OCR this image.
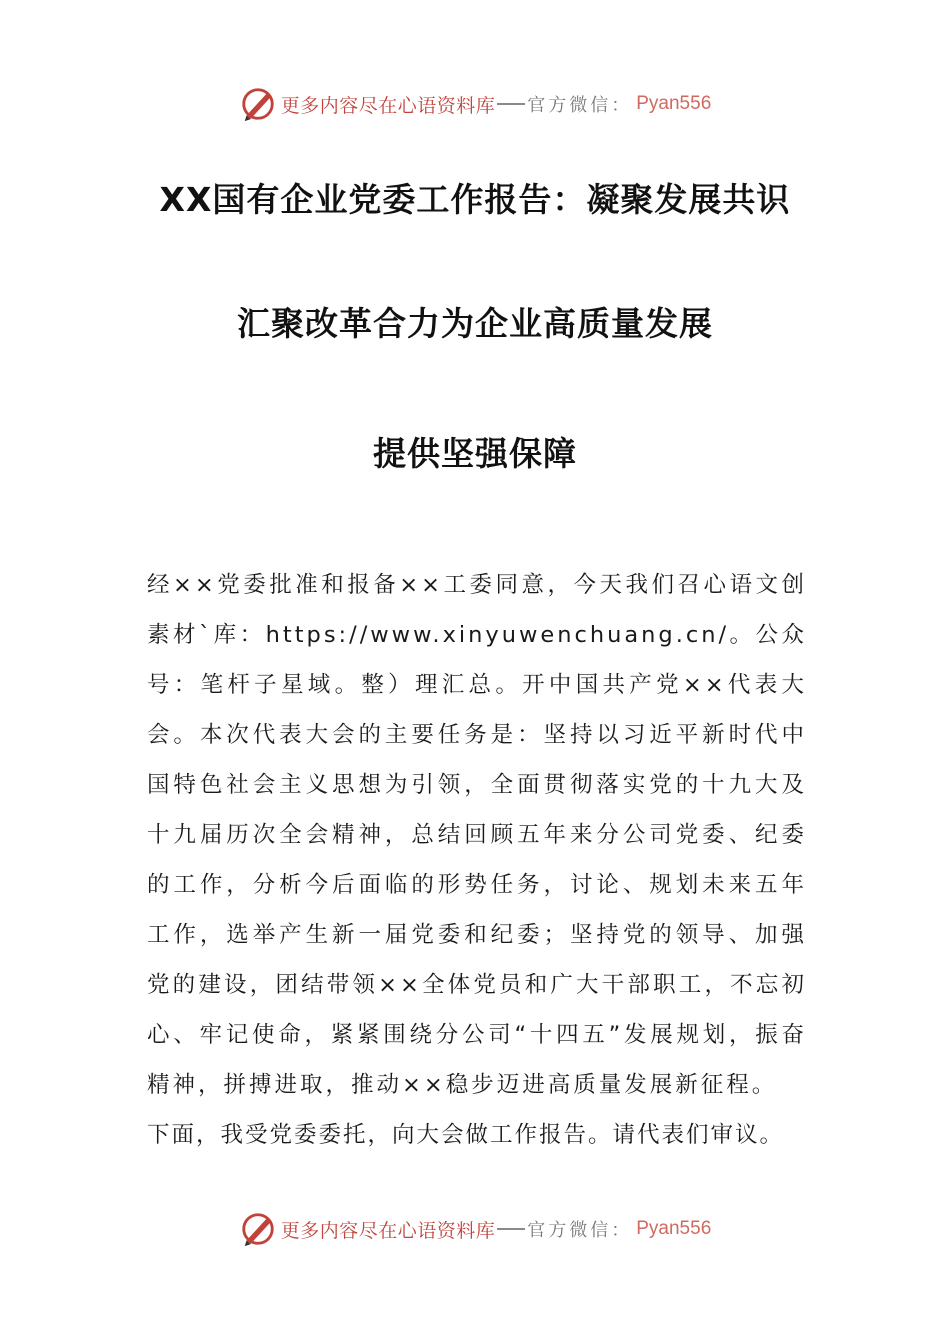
更多内容尽在心语资料库 官方微信： Pyan556
XX国有企业党委工作报告：凝聚发展共识
汇聚改革合力为企业高质量发展
提供坚强保障

经××党委批准和报备××工委同意，今天我们召心语文创素材`库：https://www.xinyuwenchuang.cn/。公众号：笔杆子星域。整）理汇总。开中国共产党××代表大会。本次代表大会的主要任务是：坚持以习近平新时代中国特色社会主义思想为引领，全面贯彻落实党的十九大及十九届历次全会精神，总结回顾五年来分公司党委、纪委的工作，分析今后面临的形势任务，讨论、规划未来五年工作，选举产生新一届党委和纪委；坚持党的领导、加强党的建设，团结带领××全体党员和广大干部职工，不忘初心、牢记使命，紧紧围绕分公司“十四五”发展规划，振奋精神，拼搏进取，推动××稳步迈进高质量发展新征程。

下面，我受党委委托，向大会做工作报告。请代表们审议。

更多内容尽在心语资料库 官方微信： Pyan556
